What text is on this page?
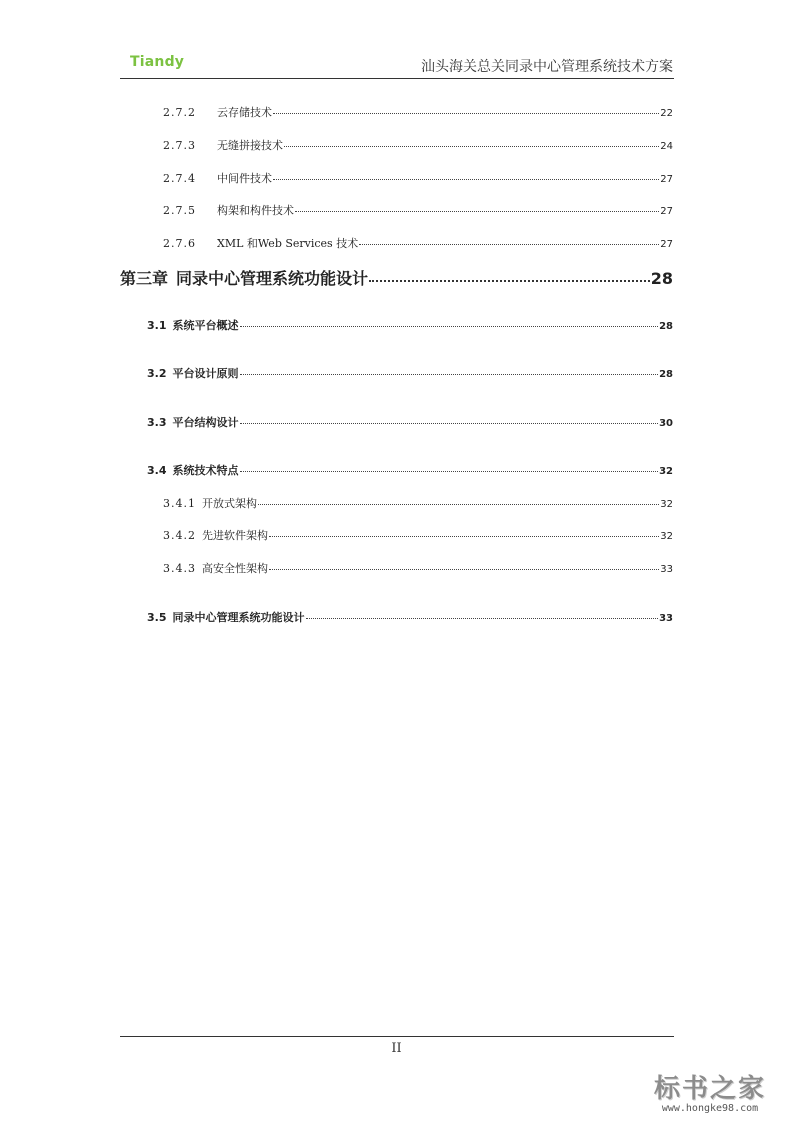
Tiandy	汕头海关总关同录中心管理系统技术方案
2.7.2	云存储技术	22
2.7.3	无缝拼接技术	24
2.7.4	中间件技术	27
2.7.5	构架和构件技术	27
2.7.6	XML 和Web Services 技术	27
第三章 同录中心管理系统功能设计	28
3.1 系统平台概述	28
3.2 平台设计原则	28
3.3 平台结构设计	30
3.4 系统技术特点	32
3.4.1 开放式架构	32
3.4.2 先进软件架构	32
3.4.3 高安全性架构	33
3.5 同录中心管理系统功能设计	33
II
标书之家
www.hongke98.com
